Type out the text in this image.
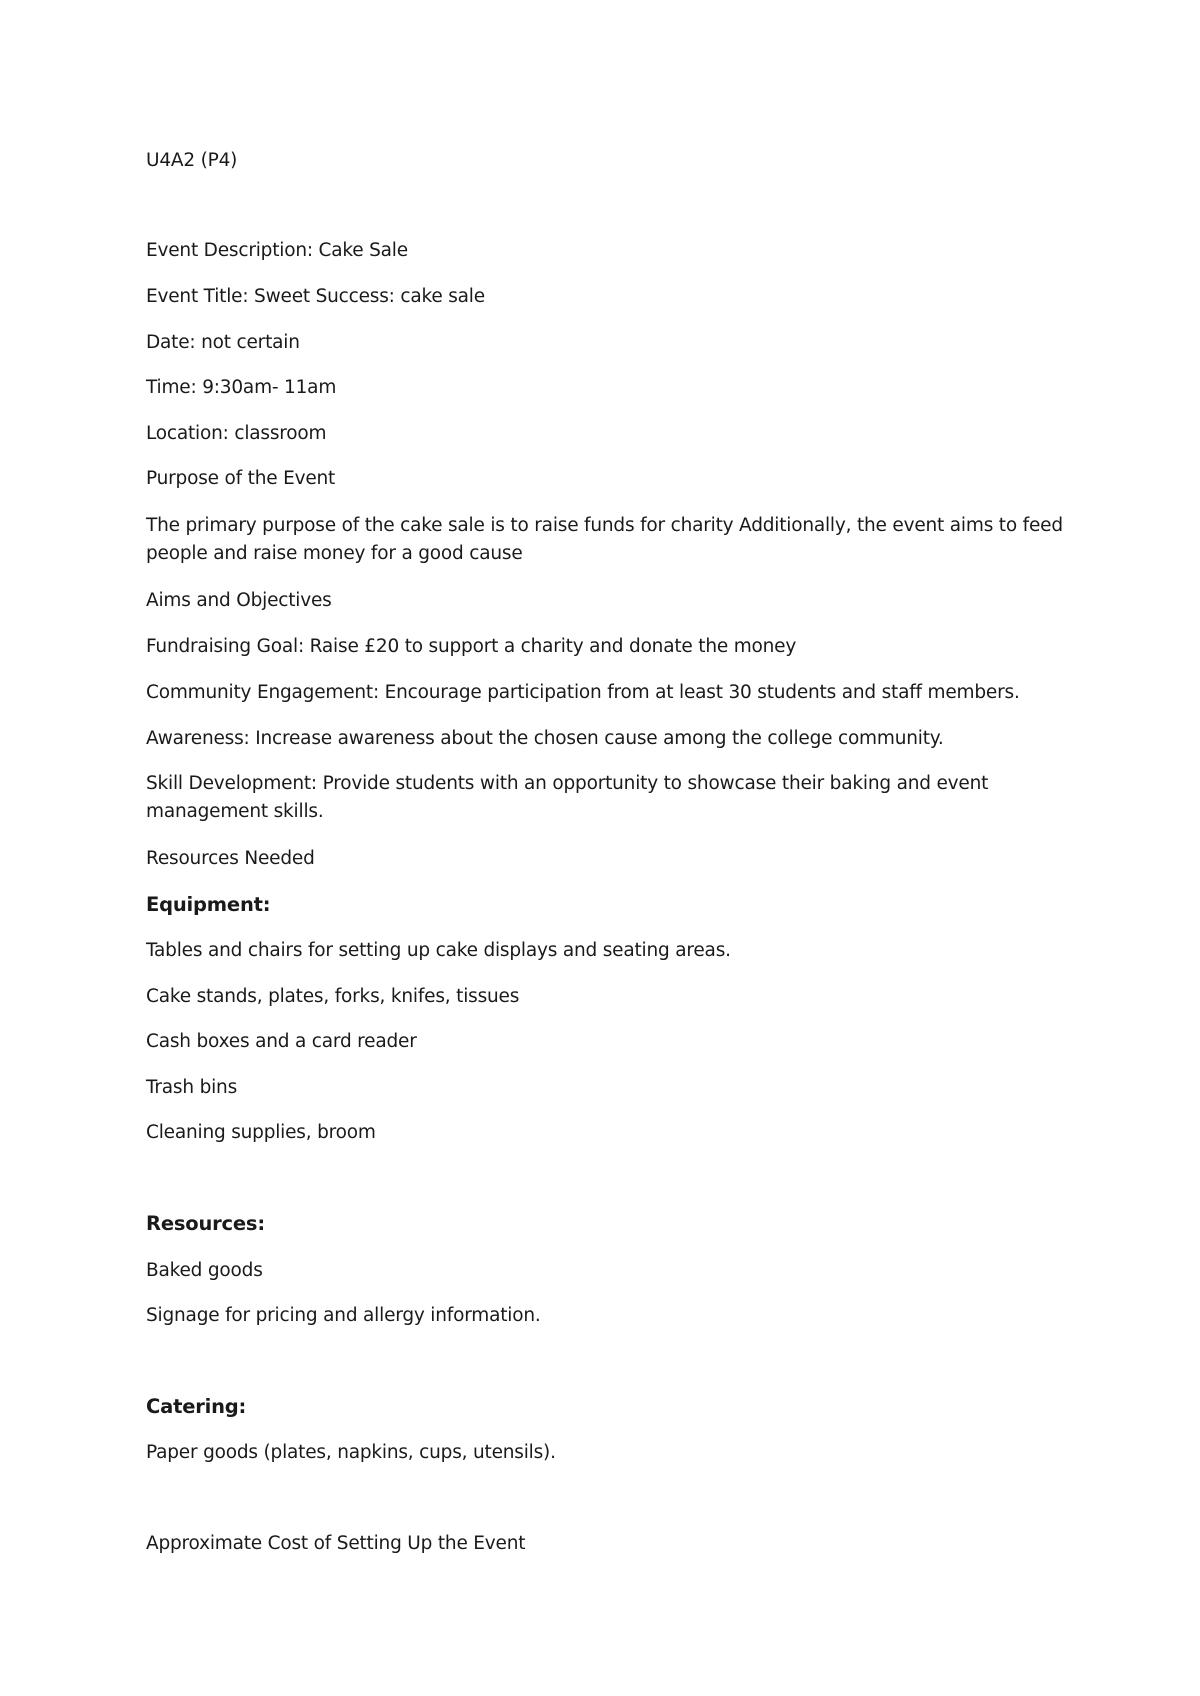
U4A2 (P4)

Event Description: Cake Sale

Event Title: Sweet Success: cake sale

Date: not certain

Time: 9:30am- 11am

Location: classroom

Purpose of the Event

The primary purpose of the cake sale is to raise funds for charity Additionally, the event aims to feed people and raise money for a good cause

Aims and Objectives

Fundraising Goal: Raise £20 to support a charity and donate the money

Community Engagement: Encourage participation from at least 30 students and staff members.

Awareness: Increase awareness about the chosen cause among the college community.

Skill Development: Provide students with an opportunity to showcase their baking and event management skills.

Resources Needed

Equipment:

Tables and chairs for setting up cake displays and seating areas.

Cake stands, plates, forks, knifes, tissues

Cash boxes and a card reader

Trash bins

Cleaning supplies, broom

Resources:

Baked goods

Signage for pricing and allergy information.

Catering:

Paper goods (plates, napkins, cups, utensils).

Approximate Cost of Setting Up the Event
